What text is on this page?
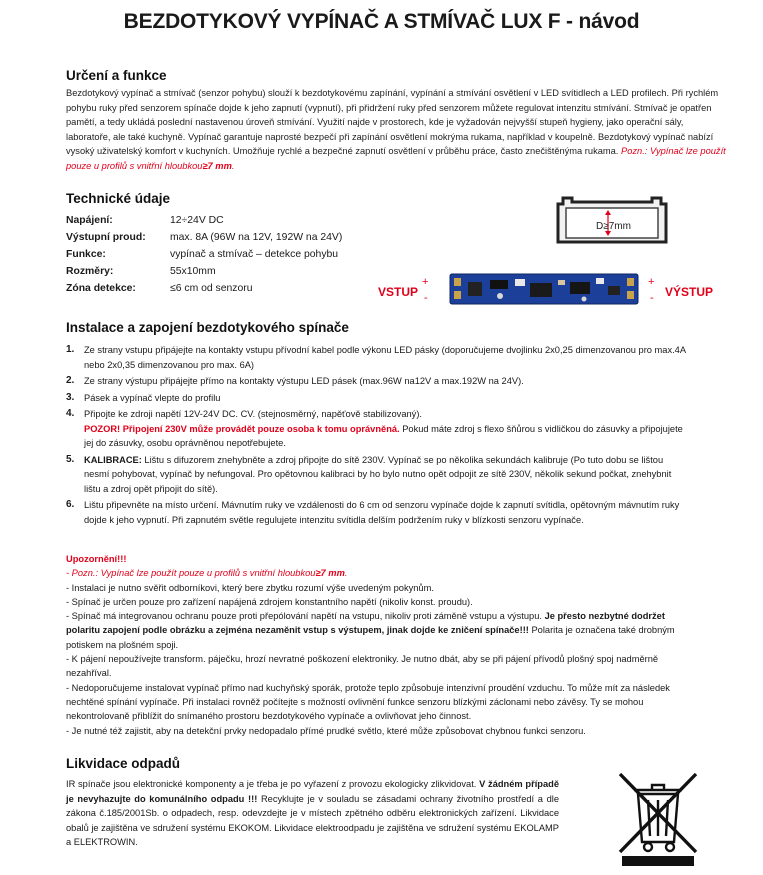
BEZDOTYKOVÝ VYPÍNAČ A STMÍVAČ LUX F - návod
Určení a funkce
Bezdotykový vypínač a stmívač (senzor pohybu) slouží k bezdotykovému zapínání, vypínání a stmívání osvětlení v LED svítidlech a LED profilech. Při rychlém pohybu ruky před senzorem spínače dojde k jeho zapnutí (vypnutí), při přidržení ruky před senzorem můžete regulovat intenzitu stmívání. Stmívač je opatřen pamětí, a tedy ukládá poslední nastavenou úroveň stmívání. Využití najde v prostorech, kde je vyžadován nejvyšší stupeň hygieny, jako operační sály, laboratoře, ale také kuchyně. Vypínač garantuje naprosté bezpečí při zapínání osvětlení mokrýma rukama, například v koupelně. Bezdotykový vypínač nabízí vysoký uživatelský komfort v kuchyních. Umožňuje rychlé a bezpečné zapnutí osvětlení v průběhu práce, často znečištěnýma rukama. Pozn.: Vypínač lze použít pouze u profilů s vnitřní hloubkou≥7 mm.
Technické údaje
Napájení:	12÷24V DC
Výstupní proud:	max. 8A (96W na 12V, 192W na 24V)
Funkce:	vypínač a stmívač – detekce pohybu
Rozměry:	55x10mm
Zóna detekce:	≤6 cm od senzoru
D≥7mm
VSTUP
+
-
+
- VÝSTUP
Instalace a zapojení bezdotykového spínače
1.	Ze strany vstupu připájejte na kontakty vstupu přívodní kabel podle výkonu LED pásky (doporučujeme dvojlinku 2x0,25 dimenzovanou pro max.4A nebo 2x0,35 dimenzovanou pro max. 6A)
2.	Ze strany výstupu připájejte přímo na kontakty výstupu LED pásek (max.96W na12V a max.192W na 24V).
3.	Pásek a vypínač vlepte do profilu
4.	Připojte ke zdroji napětí 12V-24V DC. CV. (stejnosměrný, napěťově stabilizovaný).
POZOR! Připojení 230V může provádět pouze osoba k tomu oprávněná. Pokud máte zdroj s flexo šňůrou s vidličkou do zásuvky a připojujete jej do zásuvky, osobu oprávněnou nepotřebujete.
5.	KALIBRACE: Lištu s difuzorem znehybněte a zdroj připojte do sítě 230V. Vypínač se po několika sekundách kalibruje (Po tuto dobu se lištou nesmí pohybovat, vypínač by nefungoval. Pro opětovnou kalibraci by ho bylo nutno opět odpojit ze sítě 230V, několik sekund počkat, znehybnit lištu a zdroj opět připojit do sítě).
6.	Lištu připevněte na místo určení. Mávnutím ruky ve vzdálenosti do 6 cm od senzoru vypínače dojde k zapnutí svítidla, opětovným mávnutím ruky dojde k jeho vypnutí. Při zapnutém světle regulujete intenzitu svítidla delším podržením ruky v blízkosti senzoru vypínače.
Upozornění!!!
- Pozn.: Vypínač lze použít pouze u profilů s vnitřní hloubkou≥7 mm.
- Instalaci je nutno svěřit odborníkovi, který bere zbytku rozumí výše uvedeným pokynům.
- Spínač je určen pouze pro zařízení napájená zdrojem konstantního napětí (nikoliv konst. proudu).
- Spínač má integrovanou ochranu pouze proti přepólování napětí na vstupu, nikoliv proti záměně vstupu a výstupu. Je přesto nezbytné dodržet polaritu zapojení podle obrázku a zejména nezaměnit vstup s výstupem, jinak dojde ke zničení spínače!!! Polarita je označena také drobným potiskem na plošném spoji.
- K pájení nepoužívejte transform. páječku, hrozí nevratné poškození elektroniky. Je nutno dbát, aby se při pájení přívodů plošný spoj nadměrně nezahříval.
- Nedoporučujeme instalovat vypínač přímo nad kuchyňský sporák, protože teplo způsobuje intenzivní proudění vzduchu. To může mít za následek nechtěné spínání vypínače. Při instalaci rovněž počítejte s možností ovlivnění funkce senzoru blízkými záclonami nebo závěsy. Ty se mohou nekontrolovaně přiblížit do snímaného prostoru bezdotykového vypínače a ovlivňovat jeho činnost.
- Je nutné též zajistit, aby na detekční prvky nedopadalo přímé prudké světlo, které může způsobovat chybnou funkci senzoru.
Likvidace odpadů
IR spínače jsou elektronické komponenty a je třeba je po vyřazení z provozu ekologicky zlikvidovat. V žádném případě je nevyhazujte do komunálního odpadu !!! Recyklujte je v souladu se zásadami ochrany životního prostředí a dle zákona č.185/2001Sb. o odpadech, resp. odevzdejte je v místech zpětného odběru elektronických zařízení. Likvidace obalů je zajištěna ve sdružení systému EKOKOM. Likvidace elektroodpadu je zajištěna ve sdružení systému EKOLAMP a ELEKTROWIN.
